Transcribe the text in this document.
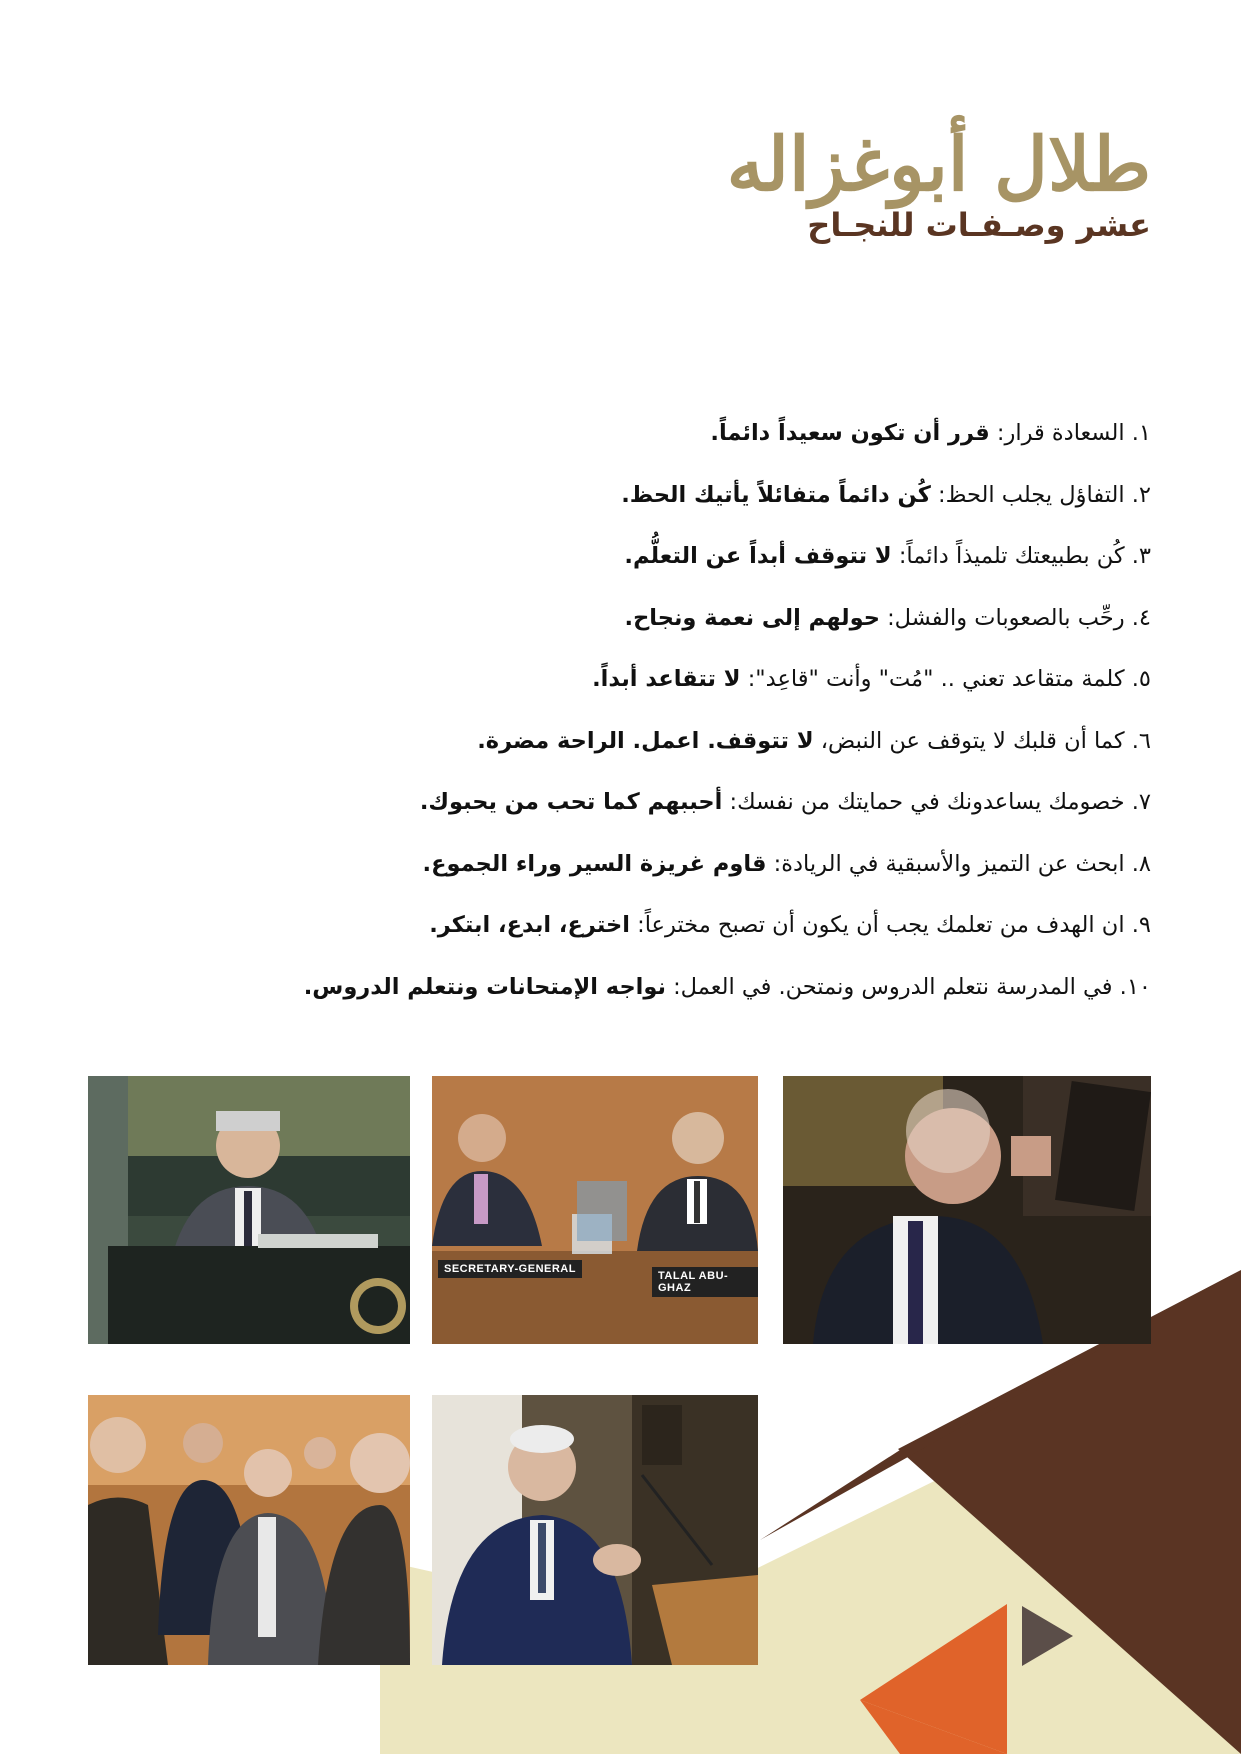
طلال أبوغزاله
عشر وصـفـات للنجـاح
١. السعادة قرار: قرر أن تكون سعيداً دائماً.
٢. التفاؤل يجلب الحظ: كُن دائماً متفائلاً يأتيك الحظ.
٣. كُن بطبيعتك تلميذاً دائماً: لا تتوقف أبداً عن التعلُّم.
٤. رحِّب بالصعوبات والفشل: حولهم إلى نعمة ونجاح.
٥. كلمة متقاعد تعني .. "مُت" وأنت "قاعِد": لا تتقاعد أبداً.
٦. كما أن قلبك لا يتوقف عن النبض، لا تتوقف. اعمل. الراحة مضرة.
٧. خصومك يساعدونك في حمايتك من نفسك: أحببهم كما تحب من يحبوك.
٨. ابحث عن التميز والأسبقية في الريادة: قاوم غريزة السير وراء الجموع.
٩. ان الهدف من تعلمك يجب أن يكون أن تصبح مخترعاً: اخترع، ابدع، ابتكر.
١٠. في المدرسة نتعلم الدروس ونمتحن. في العمل: نواجه الإمتحانات ونتعلم الدروس.
SECRETARY-GENERAL
TALAL ABU-GHAZ
